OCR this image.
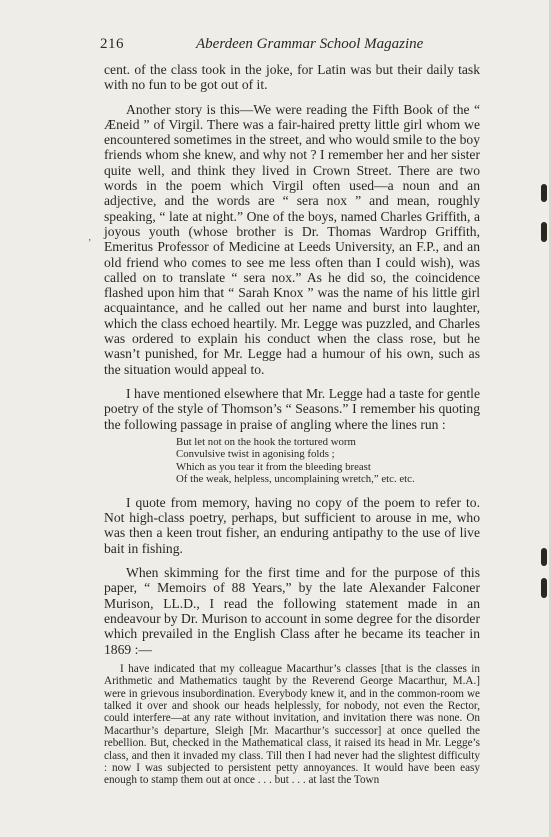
216	Aberdeen Grammar School Magazine
’

cent. of the class took in the joke, for Latin was but their daily task with no fun to be got out of it.

Another story is this—We were reading the Fifth Book of the “ Æneid ” of Virgil. There was a fair-haired pretty little girl whom we encountered sometimes in the street, and who would smile to the boy friends whom she knew, and why not ? I remember her and her sister quite well, and think they lived in Crown Street. There are two words in the poem which Virgil often used—a noun and an adjective, and the words are “ sera nox ” and mean, roughly speaking, “ late at night.” One of the boys, named Charles Griffith, a joyous youth (whose brother is Dr. Thomas Wardrop Griffith, Emeritus Professor of Medicine at Leeds University, an F.P., and an old friend who comes to see me less often than I could wish), was called on to translate “ sera nox.” As he did so, the coincidence flashed upon him that “ Sarah Knox ” was the name of his little girl acquaintance, and he called out her name and burst into laughter, which the class echoed heartily. Mr. Legge was puzzled, and Charles was ordered to explain his conduct when the class rose, but he wasn’t punished, for Mr. Legge had a humour of his own, such as the situation would appeal to.

I have mentioned elsewhere that Mr. Legge had a taste for gentle poetry of the style of Thomson’s “ Seasons.” I remember his quoting the following passage in praise of angling where the lines run :

But let not on the hook the tortured worm
Convulsive twist in agonising folds ;
Which as you tear it from the bleeding breast
Of the weak, helpless, uncomplaining wretch,” etc. etc.

I quote from memory, having no copy of the poem to refer to. Not high-class poetry, perhaps, but sufficient to arouse in me, who was then a keen trout fisher, an enduring antipathy to the use of live bait in fishing.

When skimming for the first time and for the purpose of this paper, “ Memoirs of 88 Years,” by the late Alexander Falconer Murison, LL.D., I read the following statement made in an endeavour by Dr. Murison to account in some degree for the disorder which prevailed in the English Class after he became its teacher in 1869 :—

I have indicated that my colleague Macarthur’s classes [that is the classes in Arithmetic and Mathematics taught by the Reverend George Macarthur, M.A.] were in grievous insubordination. Everybody knew it, and in the common-room we talked it over and shook our heads helplessly, for nobody, not even the Rector, could interfere—at any rate without invitation, and invitation there was none. On Macarthur’s departure, Sleigh [Mr. Macarthur’s successor] at once quelled the rebellion. But, checked in the Mathematical class, it raised its head in Mr. Legge’s class, and then it invaded my class. Till then I had never had the slightest difficulty : now I was subjected to persistent petty annoyances. It would have been easy enough to stamp them out at once . . . but . . . at last the Town
